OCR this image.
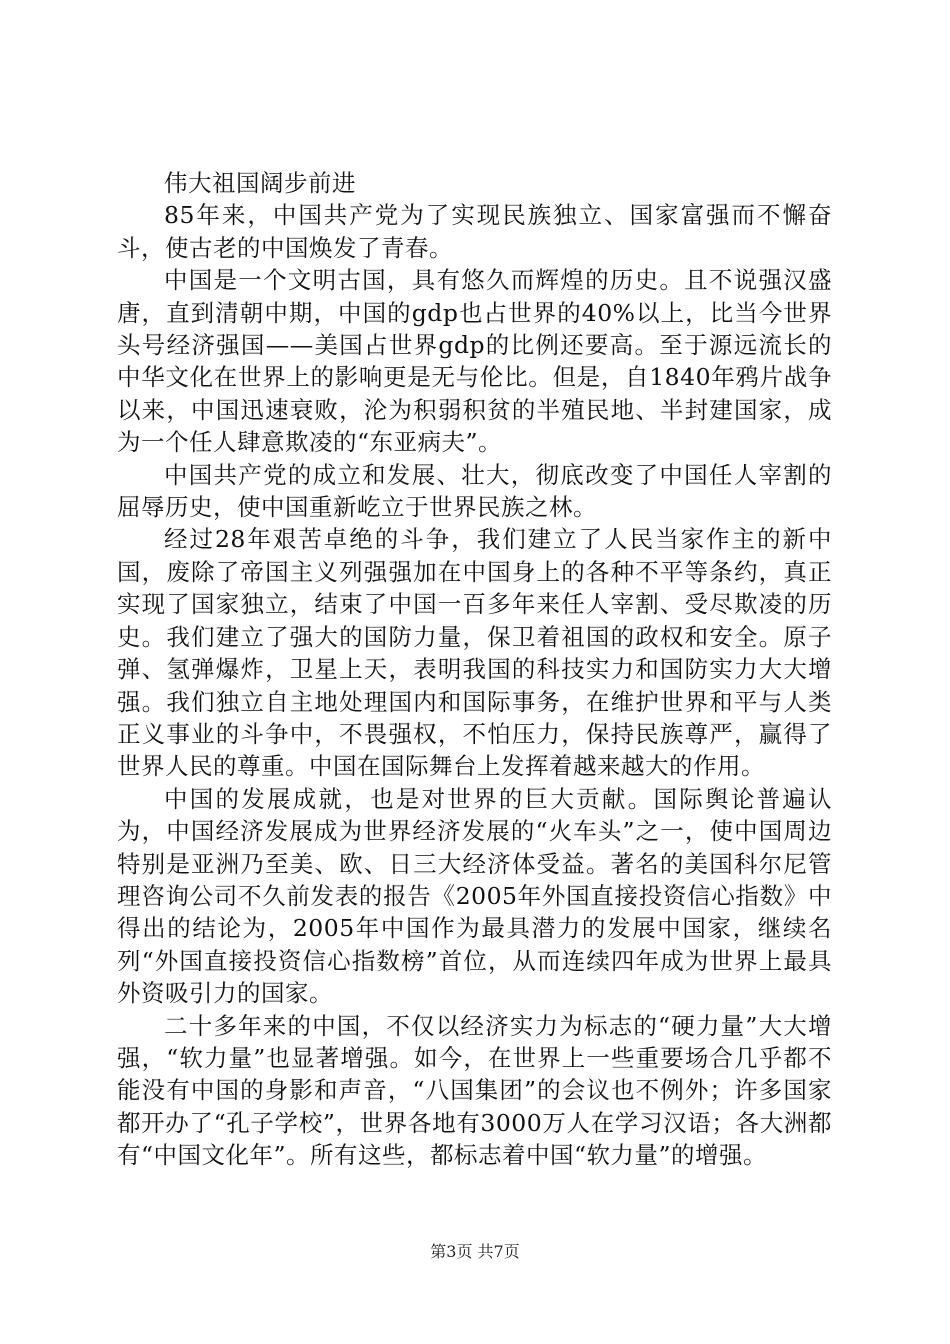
伟大祖国阔步前进

85年来，中国共产党为了实现民族独立、国家富强而不懈奋斗，使古老的中国焕发了青春。

中国是一个文明古国，具有悠久而辉煌的历史。且不说强汉盛唐，直到清朝中期，中国的gdp也占世界的40%以上，比当今世界头号经济强国——美国占世界gdp的比例还要高。至于源远流长的中华文化在世界上的影响更是无与伦比。但是，自1840年鸦片战争以来，中国迅速衰败，沦为积弱积贫的半殖民地、半封建国家，成为一个任人肆意欺凌的“东亚病夫”。

中国共产党的成立和发展、壮大，彻底改变了中国任人宰割的屈辱历史，使中国重新屹立于世界民族之林。

经过28年艰苦卓绝的斗争，我们建立了人民当家作主的新中国，废除了帝国主义列强强加在中国身上的各种不平等条约，真正实现了国家独立，结束了中国一百多年来任人宰割、受尽欺凌的历史。我们建立了强大的国防力量，保卫着祖国的政权和安全。原子弹、氢弹爆炸，卫星上天，表明我国的科技实力和国防实力大大增强。我们独立自主地处理国内和国际事务，在维护世界和平与人类正义事业的斗争中，不畏强权，不怕压力，保持民族尊严，赢得了世界人民的尊重。中国在国际舞台上发挥着越来越大的作用。

中国的发展成就，也是对世界的巨大贡献。国际舆论普遍认为，中国经济发展成为世界经济发展的“火车头”之一，使中国周边特别是亚洲乃至美、欧、日三大经济体受益。著名的美国科尔尼管理咨询公司不久前发表的报告《2005年外国直接投资信心指数》中得出的结论为，2005年中国作为最具潜力的发展中国家，继续名列“外国直接投资信心指数榜”首位，从而连续四年成为世界上最具外资吸引力的国家。

二十多年来的中国，不仅以经济实力为标志的“硬力量”大大增强，“软力量”也显著增强。如今，在世界上一些重要场合几乎都不能没有中国的身影和声音，“八国集团”的会议也不例外；许多国家都开办了“孔子学校”，世界各地有3000万人在学习汉语；各大洲都有“中国文化年”。所有这些，都标志着中国“软力量”的增强。

第3页 共7页
